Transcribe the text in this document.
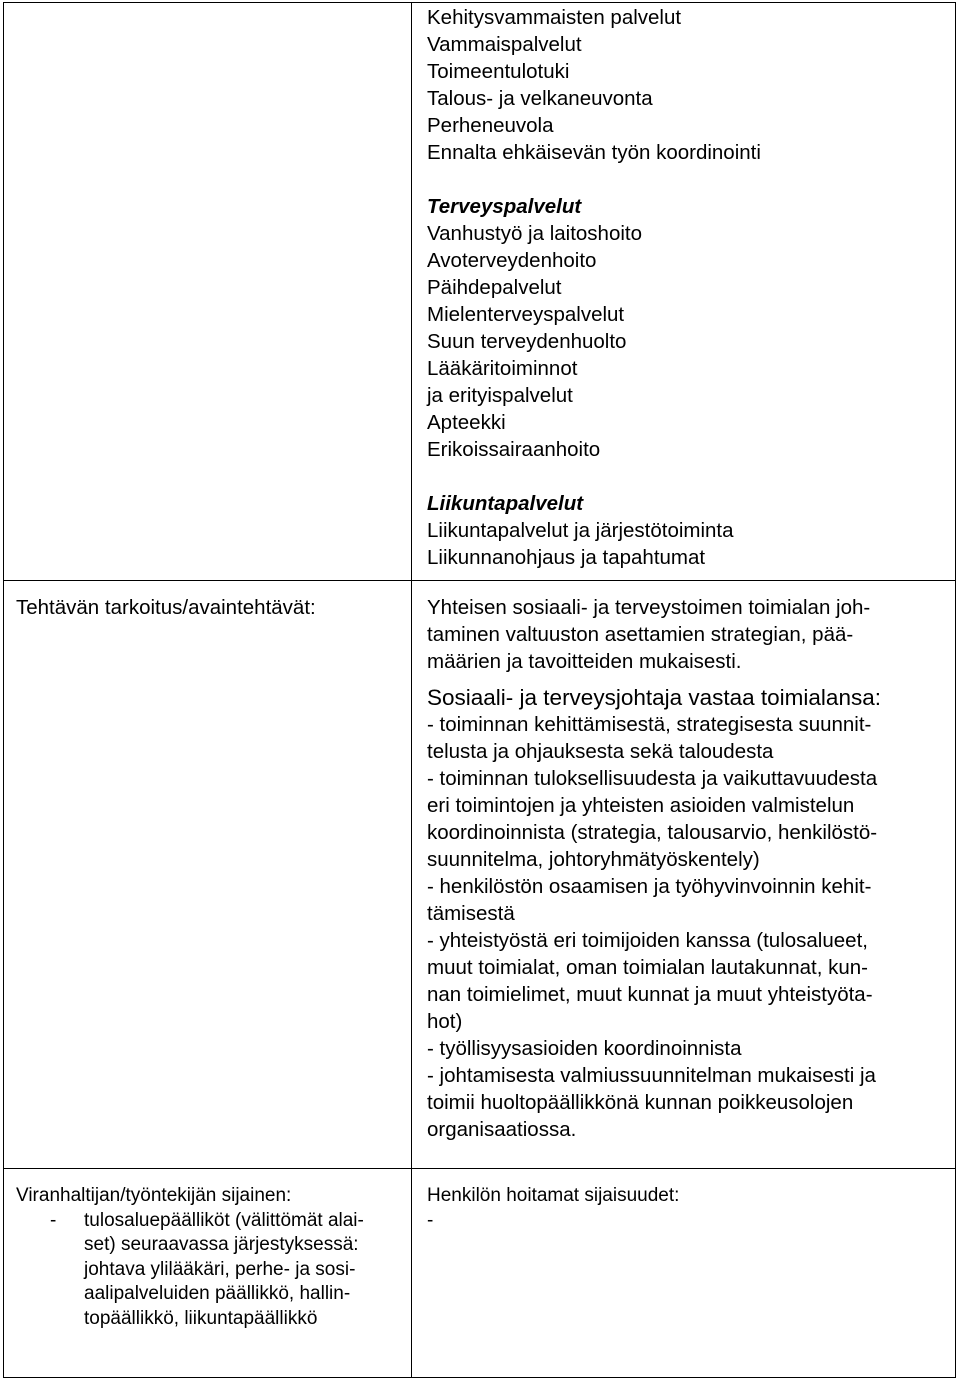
Kehitysvammaisten palvelut

Vammaispalvelut

Toimeentulotuki

Talous- ja velkaneuvonta

Perheneuvola

Ennalta ehkäisevän työn koordinointi

Terveyspalvelut

Vanhustyö ja laitoshoito

Avoterveydenhoito

Päihdepalvelut

Mielenterveyspalvelut

Suun terveydenhuolto

Lääkäritoiminnot

ja erityispalvelut

Apteekki

Erikoissairaanhoito

Liikuntapalvelut

Liikuntapalvelut ja järjestötoiminta

Liikunnanohjaus ja tapahtumat

Tehtävän tarkoitus/avaintehtävät:	Yhteisen sosiaali- ja terveystoimen toimialan joh-

taminen valtuuston asettamien strategian, pää-

määrien ja tavoitteiden mukaisesti.

Sosiaali- ja terveysjohtaja vastaa toimialansa:

- toiminnan kehittämisestä, strategisesta suunnit-

telusta ja ohjauksesta sekä taloudesta

- toiminnan tuloksellisuudesta ja vaikuttavuudesta

eri toimintojen ja yhteisten asioiden valmistelun

koordinoinnista (strategia, talousarvio, henkilöstö-

suunnitelma, johtoryhmätyöskentely)

- henkilöstön osaamisen ja työhyvinvoinnin kehit-

tämisestä

- yhteistyöstä eri toimijoiden kanssa (tulosalueet,

muut toimialat, oman toimialan lautakunnat, kun-

nan toimielimet, muut kunnat ja muut yhteistyöta-

hot)

- työllisyysasioiden koordinoinnista

- johtamisesta valmiussuunnitelman mukaisesti ja

toimii huoltopäällikkönä kunnan poikkeusolojen

organisaatiossa.

Viranhaltijan/työntekijän sijainen:

- tulosaluepäälliköt (välittömät alai-

set) seuraavassa järjestyksessä:

johtava ylilääkäri, perhe- ja sosi-

aalipalveluiden päällikkö, hallin-

topäällikkö, liikuntapäällikkö

Henkilön hoitamat sijaisuudet:

-
